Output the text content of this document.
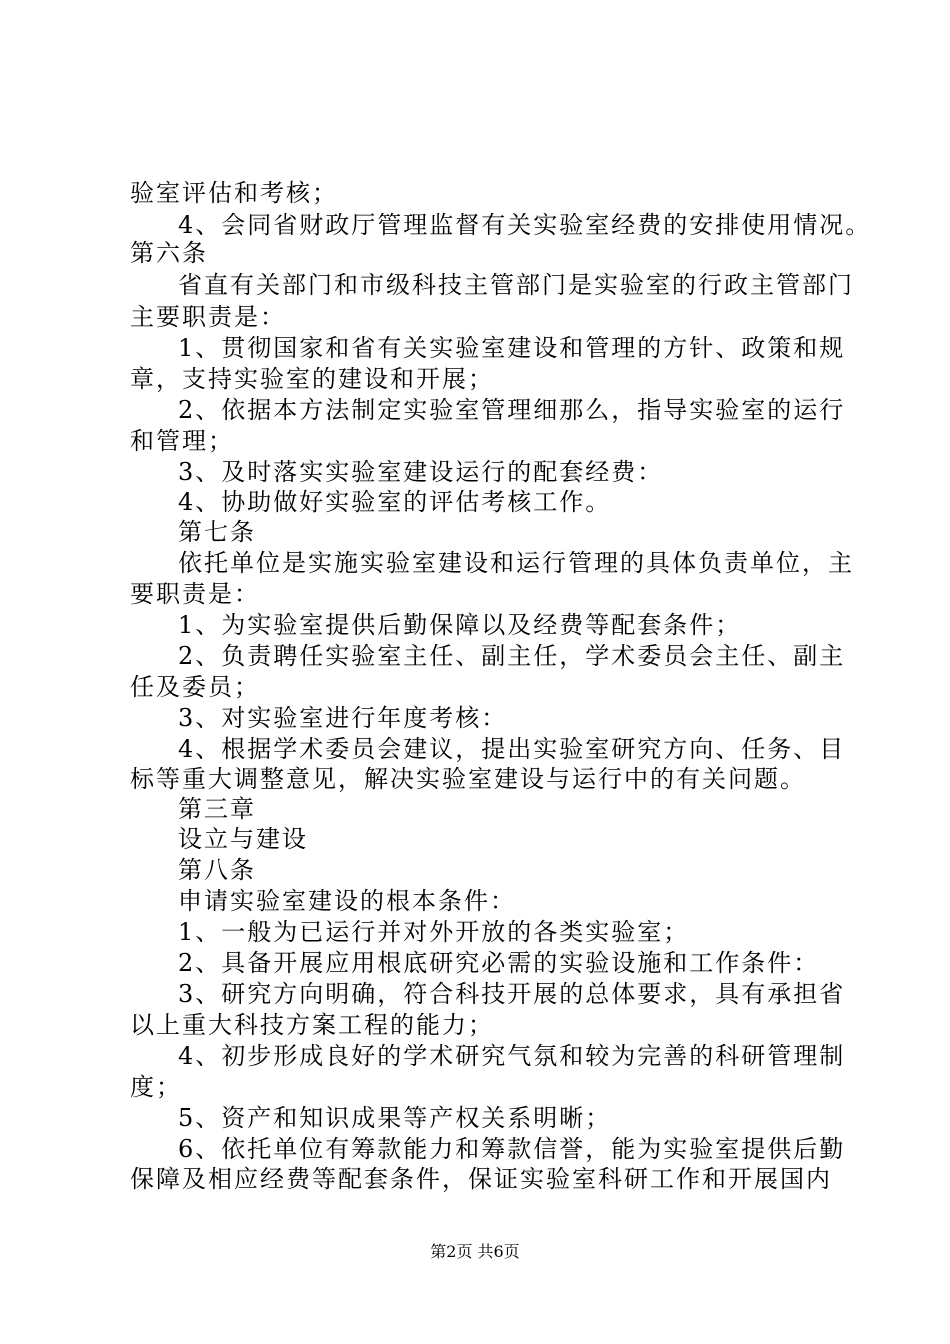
验室评估和考核；
4、会同省财政厅管理监督有关实验室经费的安排使用情况。
第六条
省直有关部门和市级科技主管部门是实验室的行政主管部门
主要职责是：
1、贯彻国家和省有关实验室建设和管理的方针、政策和规
章，支持实验室的建设和开展；
2、依据本方法制定实验室管理细那么，指导实验室的运行
和管理；
3、及时落实实验室建设运行的配套经费：
4、协助做好实验室的评估考核工作。
第七条
依托单位是实施实验室建设和运行管理的具体负责单位，主
要职责是：
1、为实验室提供后勤保障以及经费等配套条件；
2、负责聘任实验室主任、副主任，学术委员会主任、副主
任及委员；
3、对实验室进行年度考核：
4、根据学术委员会建议，提出实验室研究方向、任务、目
标等重大调整意见，解决实验室建设与运行中的有关问题。
第三章
设立与建设
第八条
申请实验室建设的根本条件：
1、一般为已运行并对外开放的各类实验室；
2、具备开展应用根底研究必需的实验设施和工作条件：
3、研究方向明确，符合科技开展的总体要求，具有承担省
以上重大科技方案工程的能力；
4、初步形成良好的学术研究气氛和较为完善的科研管理制
度；
5、资产和知识成果等产权关系明晰；
6、依托单位有筹款能力和筹款信誉，能为实验室提供后勤
保障及相应经费等配套条件，保证实验室科研工作和开展国内
第2页 共6页
